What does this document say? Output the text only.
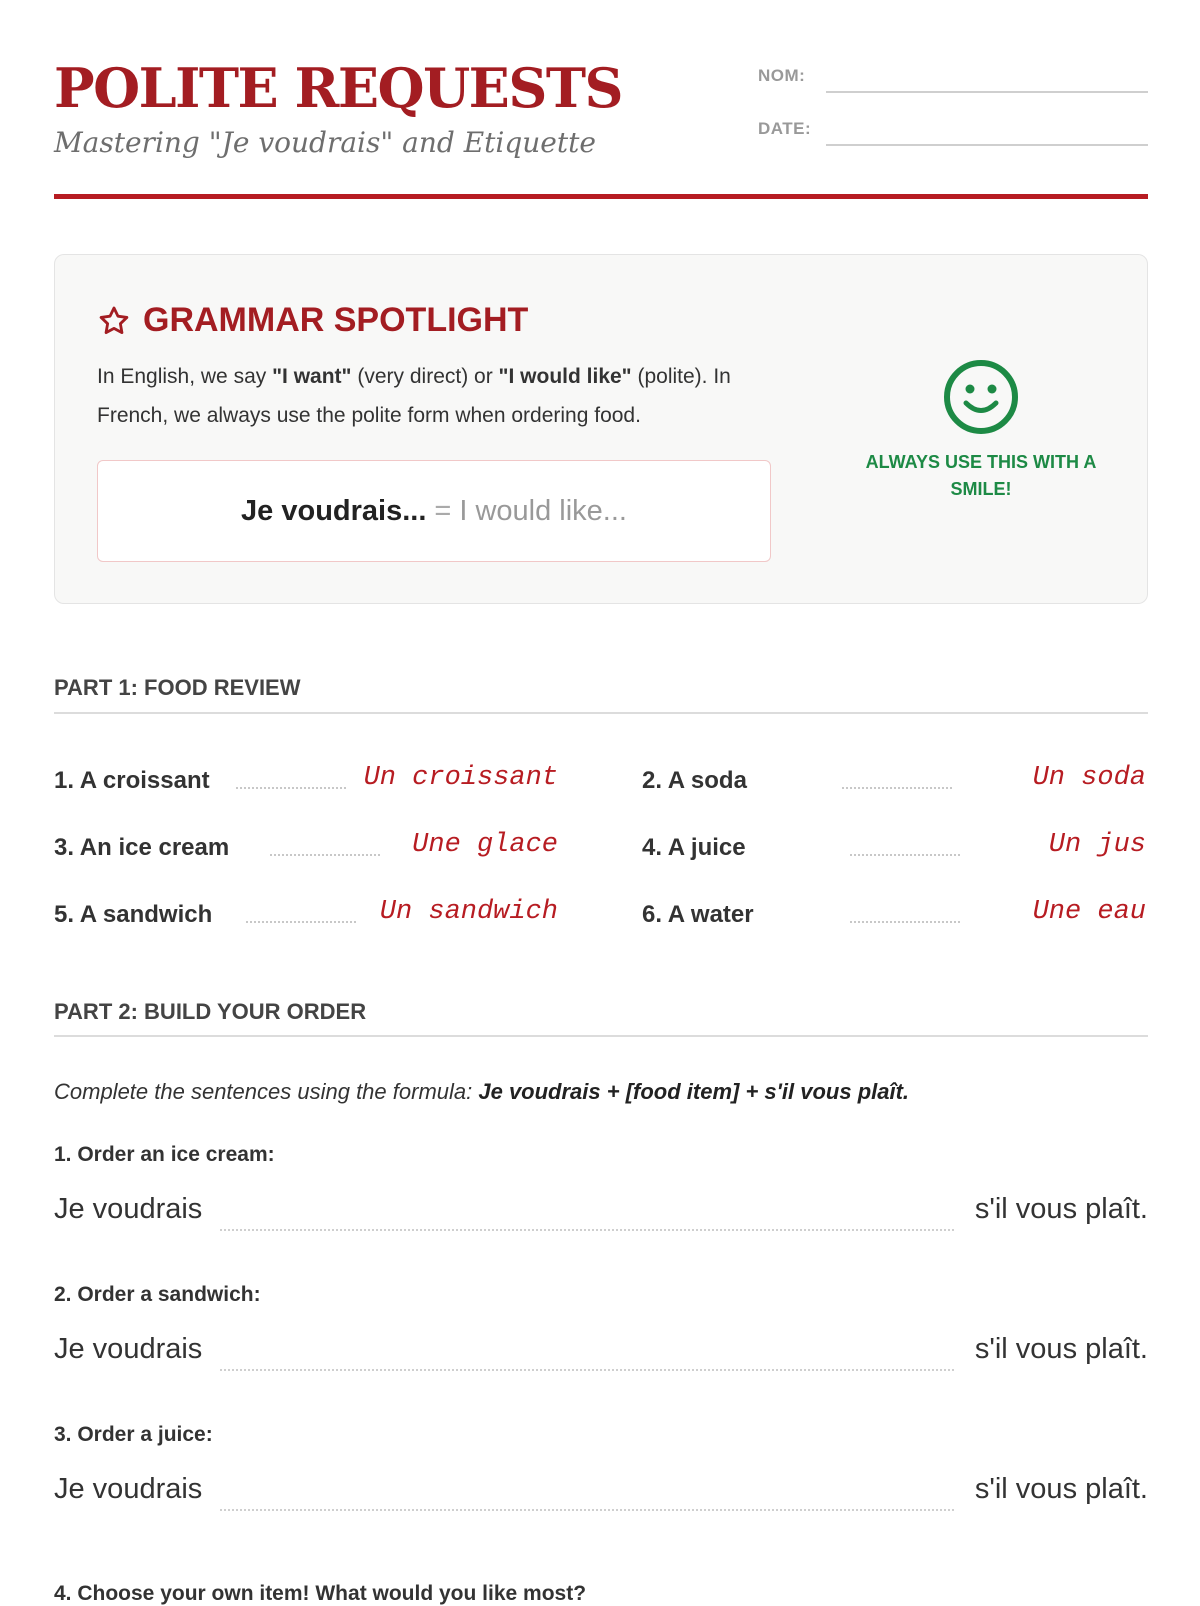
POLITE REQUESTS
Mastering "Je voudrais" and Etiquette
NOM:
DATE:
GRAMMAR SPOTLIGHT

In English, we say "I want" (very direct) or "I would like" (polite). In French, we always use the polite form when ordering food.

Je voudrais... = I would like...
ALWAYS USE THIS WITH A SMILE!
PART 1: FOOD REVIEW
1. A croissant	Un croissant	2. A soda	Un soda
3. An ice cream	Une glace	4. A juice	Un jus
5. A sandwich	Un sandwich	6. A water	Une eau
PART 2: BUILD YOUR ORDER
Complete the sentences using the formula: Je voudrais + [food item] + s'il vous plaît.
1. Order an ice cream:
Je voudrais	s'il vous plaît.
2. Order a sandwich:
Je voudrais	s'il vous plaît.
3. Order a juice:
Je voudrais	s'il vous plaît.
4. Choose your own item! What would you like most?
